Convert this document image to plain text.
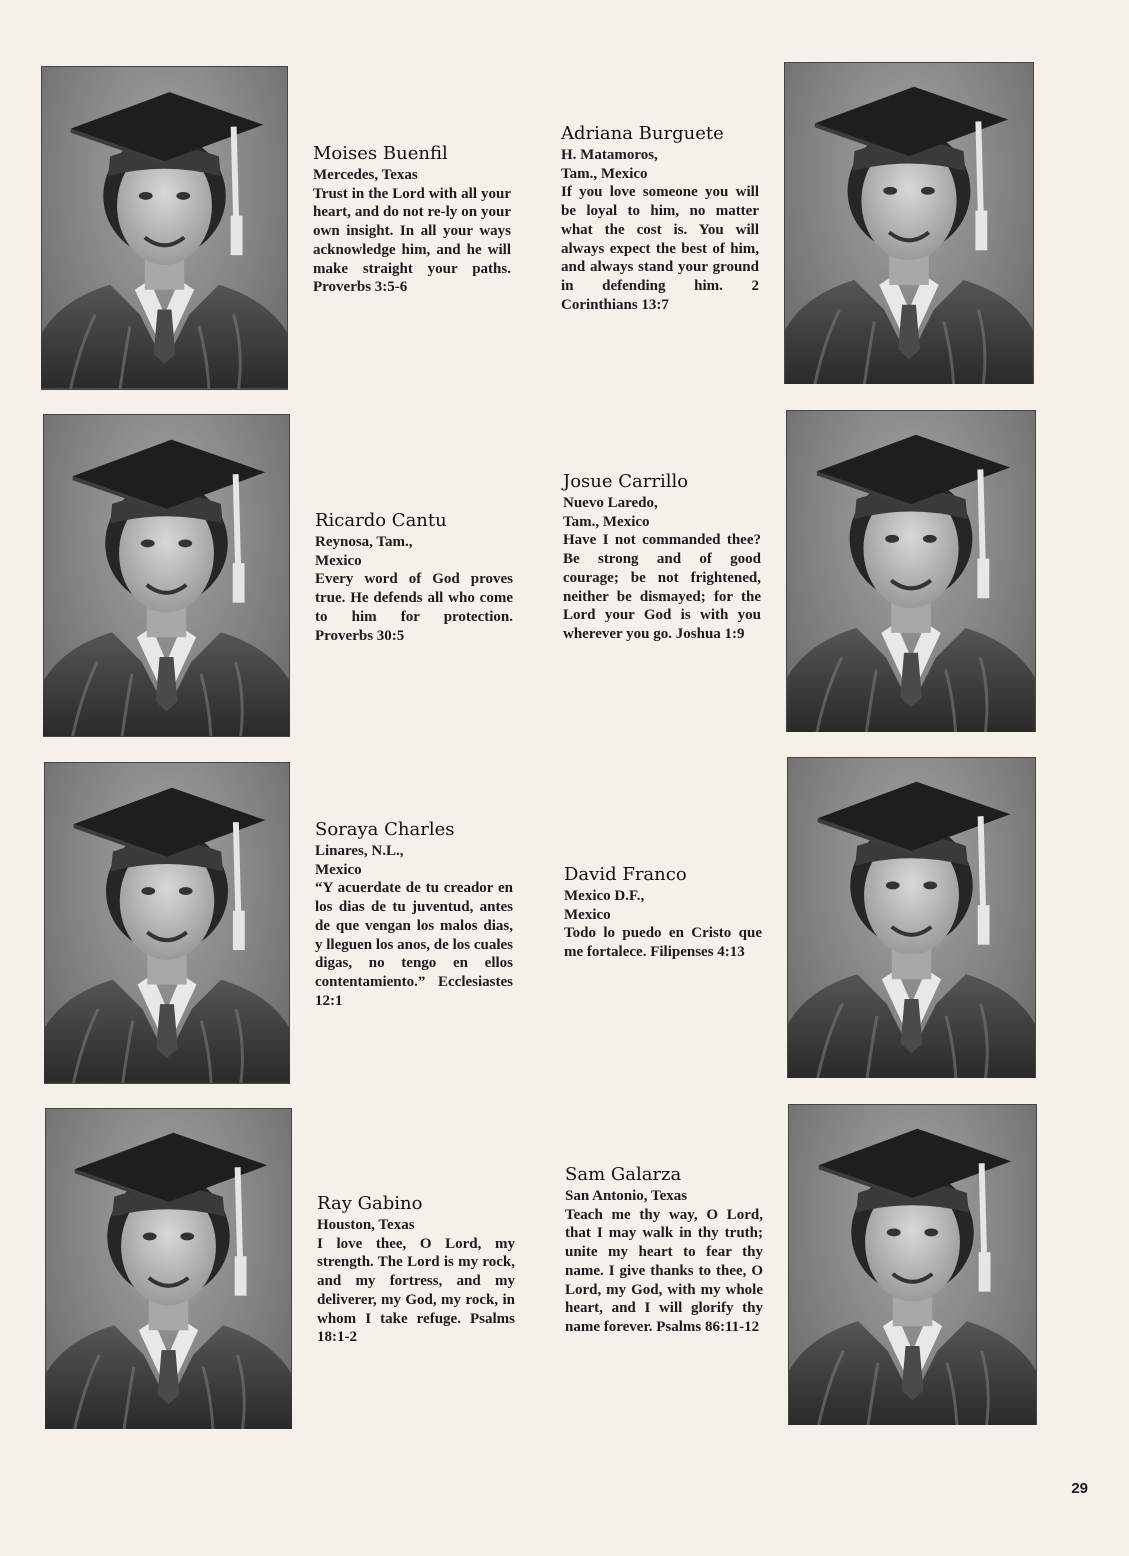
Moises Buenfil
Mercedes, Texas

Trust in the Lord with all your heart, and do not re-ly on your own insight. In all your ways acknowledge him, and he will make straight your paths. Proverbs 3:5-6

Adriana Burguete
H. Matamoros,
Tam., Mexico

If you love someone you will be loyal to him, no matter what the cost is. You will always expect the best of him, and always stand your ground in defending him. 2 Corinthians 13:7

Ricardo Cantu
Reynosa, Tam.,
Mexico

Every word of God proves true. He defends all who come to him for protection. Proverbs 30:5

Josue Carrillo
Nuevo Laredo,
Tam., Mexico

Have I not commanded thee? Be strong and of good courage; be not frightened, neither be dismayed; for the Lord your God is with you wherever you go. Joshua 1:9

Soraya Charles
Linares, N.L.,
Mexico

“Y acuerdate de tu creador en los dias de tu juventud, antes de que vengan los malos dias, y lleguen los anos, de los cuales digas, no tengo en ellos contentamiento.” Ecclesiastes 12:1

David Franco
Mexico D.F.,
Mexico

Todo lo puedo en Cristo que me fortalece. Filipenses 4:13

Ray Gabino
Houston, Texas

I love thee, O Lord, my strength. The Lord is my rock, and my fortress, and my deliverer, my God, my rock, in whom I take refuge. Psalms 18:1-2

Sam Galarza
San Antonio, Texas

Teach me thy way, O Lord, that I may walk in thy truth; unite my heart to fear thy name. I give thanks to thee, O Lord, my God, with my whole heart, and I will glorify thy name forever. Psalms 86:11-12

29
